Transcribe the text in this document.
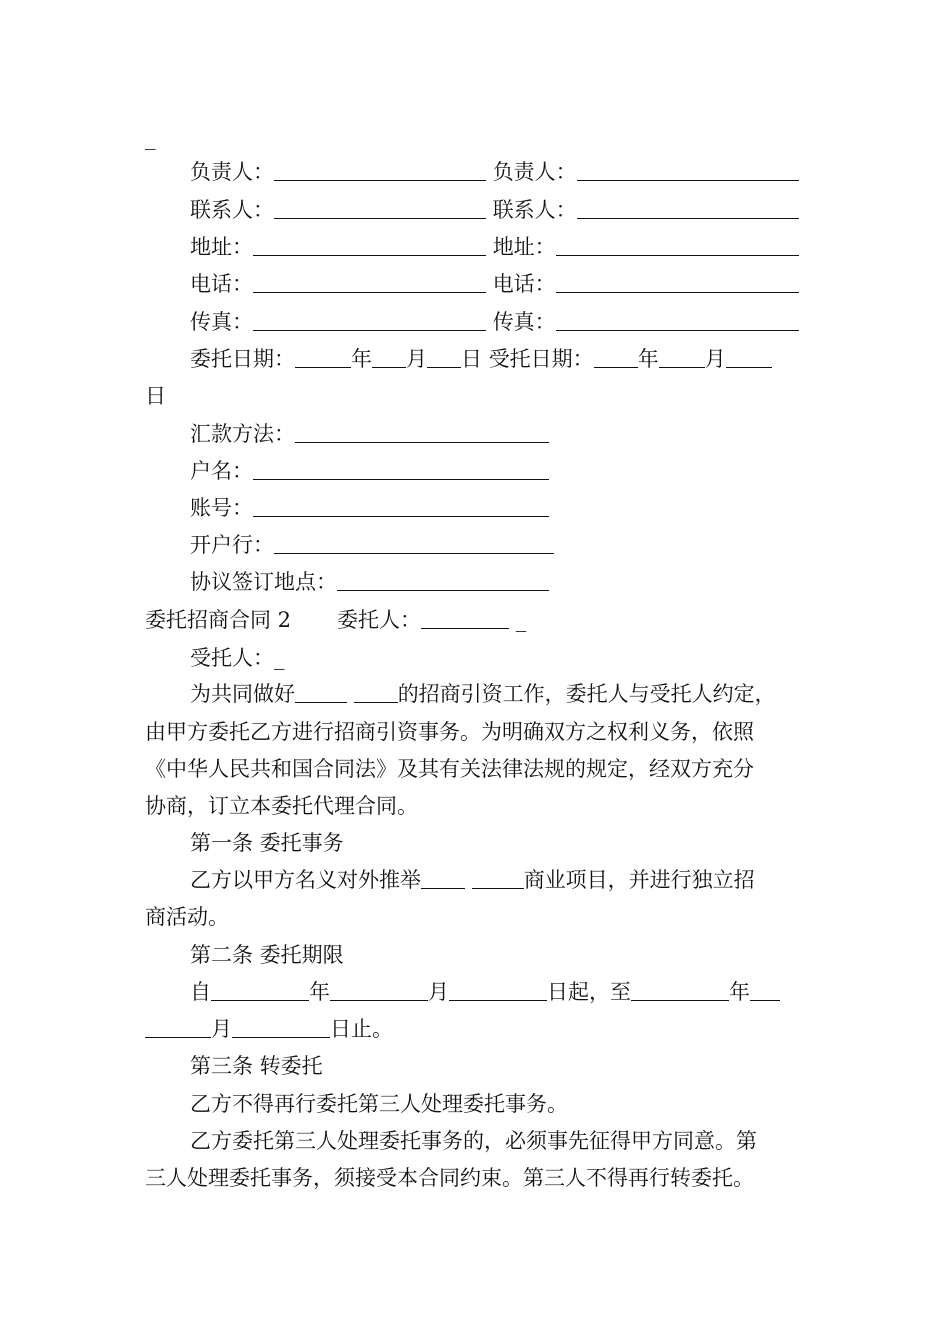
_
负责人：	负责人：
联系人：	联系人：
地址：	地址：
电话：	电话：
传真：	传真：
委托日期：	年 月 日 受托日期： 年 月
日
汇款方法：
户名：
账号：
开户行：
协议签订地点：
委托招商合同 2 委托人：	_
受托人：_
为共同做好	的招商引资工作，委托人与受托人约定，
由甲方委托乙方进行招商引资事务。为明确双方之权利义务，依照
《中华人民共和国合同法》及其有关法律法规的规定，经双方充分
协商，订立本委托代理合同。
第一条 委托事务
乙方以甲方名义对外推举	商业项目，并进行独立招
商活动。
第二条 委托期限
自	年	月	日起，至	年
月	日止。
第三条 转委托
乙方不得再行委托第三人处理委托事务。
乙方委托第三人处理委托事务的，必须事先征得甲方同意。第
三人处理委托事务，须接受本合同约束。第三人不得再行转委托。
